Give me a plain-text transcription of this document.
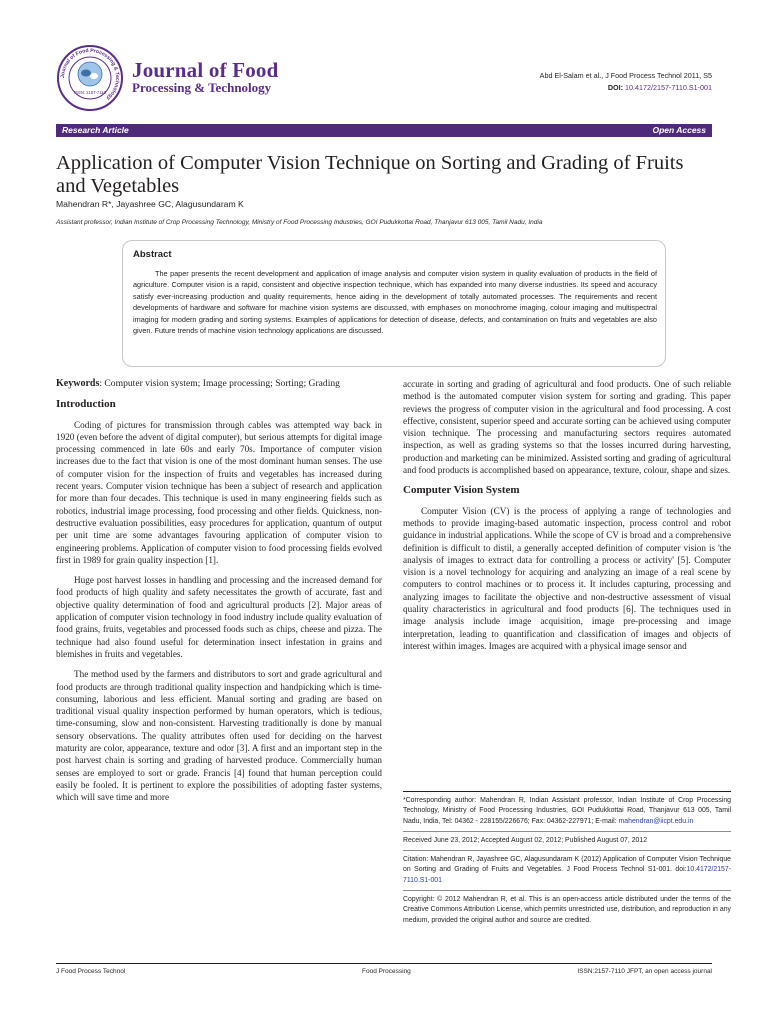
Journal of Food Processing & Technology
ISSN: 2157-7110
Journal of Food
Processing & Technology
Abd El-Salam et al., J Food Process Technol 2011, S5
DOI: 10.4172/2157-7110.S1-001
Research Article	Open Access
Application of Computer Vision Technique on Sorting and Grading of Fruits and Vegetables
Mahendran R*, Jayashree GC, Alagusundaram K
Assistant professor, Indian Institute of Crop Processing Technology, Ministry of Food Processing Industries, GOI Pudukkottai Road, Thanjavur 613 005, Tamil Nadu, India
Abstract
The paper presents the recent development and application of image analysis and computer vision system in quality evaluation of products in the field of agriculture. Computer vision is a rapid, consistent and objective inspection technique, which has expanded into many diverse industries. Its speed and accuracy satisfy ever-increasing production and quality requirements, hence aiding in the development of totally automated processes. The requirements and recent developments of hardware and software for machine vision systems are discussed, with emphases on monochrome imaging, colour imaging and multispectral imaging for modern grading and sorting systems. Examples of applications for detection of disease, defects, and contamination on fruits and vegetables are also given. Future trends of machine vision technology applications are discussed.

Keywords: Computer vision system; Image processing; Sorting; Grading

Introduction

Coding of pictures for transmission through cables was attempted way back in 1920 (even before the advent of digital computer), but serious attempts for digital image processing commenced in late 60s and early 70s. Importance of computer vision increases due to the fact that vision is one of the most dominant human senses. The use of computer vision for the inspection of fruits and vegetables has increased during recent years. Computer vision technique has been a subject of research and application for more than four decades. This technique is used in many engineering fields such as robotics, industrial image processing, food processing and other fields. Quickness, non-destructive evaluation possibilities, easy procedures for application, quantum of output per unit time are some advantages favouring application of computer vision to engineering problems. Application of computer vision to food processing fields evolved first in 1989 for grain quality inspection [1].

Huge post harvest losses in handling and processing and the increased demand for food products of high quality and safety necessitates the growth of accurate, fast and objective quality determination of food and agricultural products [2]. Major areas of application of computer vision technology in food industry include quality evaluation of food grains, fruits, vegetables and processed foods such as chips, cheese and pizza. The technique had also found useful for determination insect infestation in grains and blemishes in fruits and vegetables.

The method used by the farmers and distributors to sort and grade agricultural and food products are through traditional quality inspection and handpicking which is time-consuming, laborious and less efficient. Manual sorting and grading are based on traditional visual quality inspection performed by human operators, which is tedious, time-consuming, slow and non-consistent. Harvesting traditionally is done by manual sensory observations. The quality attributes often used for deciding on the harvest maturity are color, appearance, texture and odor [3]. A first and an important step in the post harvest chain is sorting and grading of harvested produce. Commercially human senses are employed to sort or grade. Francis [4] found that human perception could easily be fooled. It is pertinent to explore the possibilities of adopting faster systems, which will save time and more

accurate in sorting and grading of agricultural and food products. One of such reliable method is the automated computer vision system for sorting and grading. This paper reviews the progress of computer vision in the agricultural and food processing. A cost effective, consistent, superior speed and accurate sorting can be achieved using computer vision technique. The processing and manufacturing sectors requires automated inspection, as well as grading systems so that the losses incurred during harvesting, production and marketing can be minimized. Assisted sorting and grading of agricultural and food products is accomplished based on appearance, texture, colour, shape and sizes.

Computer Vision System

Computer Vision (CV) is the process of applying a range of technologies and methods to provide imaging-based automatic inspection, process control and robot guidance in industrial applications. While the scope of CV is broad and a comprehensive definition is difficult to distil, a generally accepted definition of computer vision is 'the analysis of images to extract data for controlling a process or activity' [5]. Computer vision is a novel technology for acquiring and analyzing an image of a real scene by computers to control machines or to process it. It includes capturing, processing and analyzing images to facilitate the objective and non-destructive assessment of visual quality characteristics in agricultural and food products [6]. The techniques used in image analysis include image acquisition, image pre-processing and image interpretation, leading to quantification and classification of images and objects of interest within images. Images are acquired with a physical image sensor and

*Corresponding author: Mahendran R, Indian Assistant professor, Indian Institute of Crop Processing Technology, Ministry of Food Processing Industries, GOI Pudukkottai Road, Thanjavur 613 005, Tamil Nadu, India, Tel: 04362 - 228155/226676; Fax: 04362-227971; E-mail: mahendran@iicpt.edu.in

Received June 23, 2012; Accepted August 02, 2012; Published August 07, 2012

Citation: Mahendran R, Jayashree GC, Alagusundaram K (2012) Application of Computer Vision Technique on Sorting and Grading of Fruits and Vegetables. J Food Process Technol S1-001. doi:10.4172/2157-7110.S1-001

Copyright: © 2012 Mahendran R, et al. This is an open-access article distributed under the terms of the Creative Commons Attribution License, which permits unrestricted use, distribution, and reproduction in any medium, provided the original author and source are credited.

J Food Process Technol	Food Processing	ISSN:2157-7110 JFPT, an open access journal
